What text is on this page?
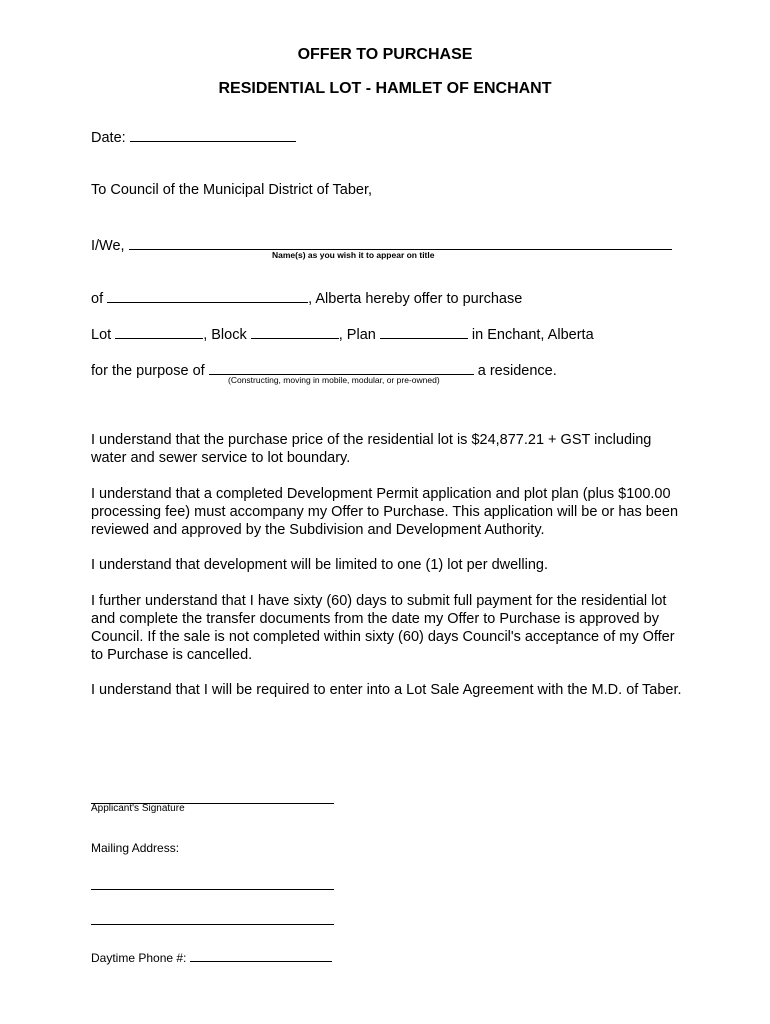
OFFER TO PURCHASE
RESIDENTIAL LOT - HAMLET OF ENCHANT
Date:
To Council of the Municipal District of Taber,
I/We,
Name(s) as you wish it to appear on title
of	, Alberta hereby offer to purchase
Lot	, Block	, Plan	in Enchant, Alberta
for the purpose of	a residence.
(Constructing, moving in mobile, modular, or pre-owned)

I understand that the purchase price of the residential lot is $24,877.21 + GST including water and sewer service to lot boundary.

I understand that a completed Development Permit application and plot plan (plus $100.00 processing fee) must accompany my Offer to Purchase. This application will be or has been reviewed and approved by the Subdivision and Development Authority.

I understand that development will be limited to one (1) lot per dwelling.

I further understand that I have sixty (60) days to submit full payment for the residential lot and complete the transfer documents from the date my Offer to Purchase is approved by Council. If the sale is not completed within sixty (60) days Council's acceptance of my Offer to Purchase is cancelled.

I understand that I will be required to enter into a Lot Sale Agreement with the M.D. of Taber.

Applicant's Signature
Mailing Address:
Daytime Phone #:
